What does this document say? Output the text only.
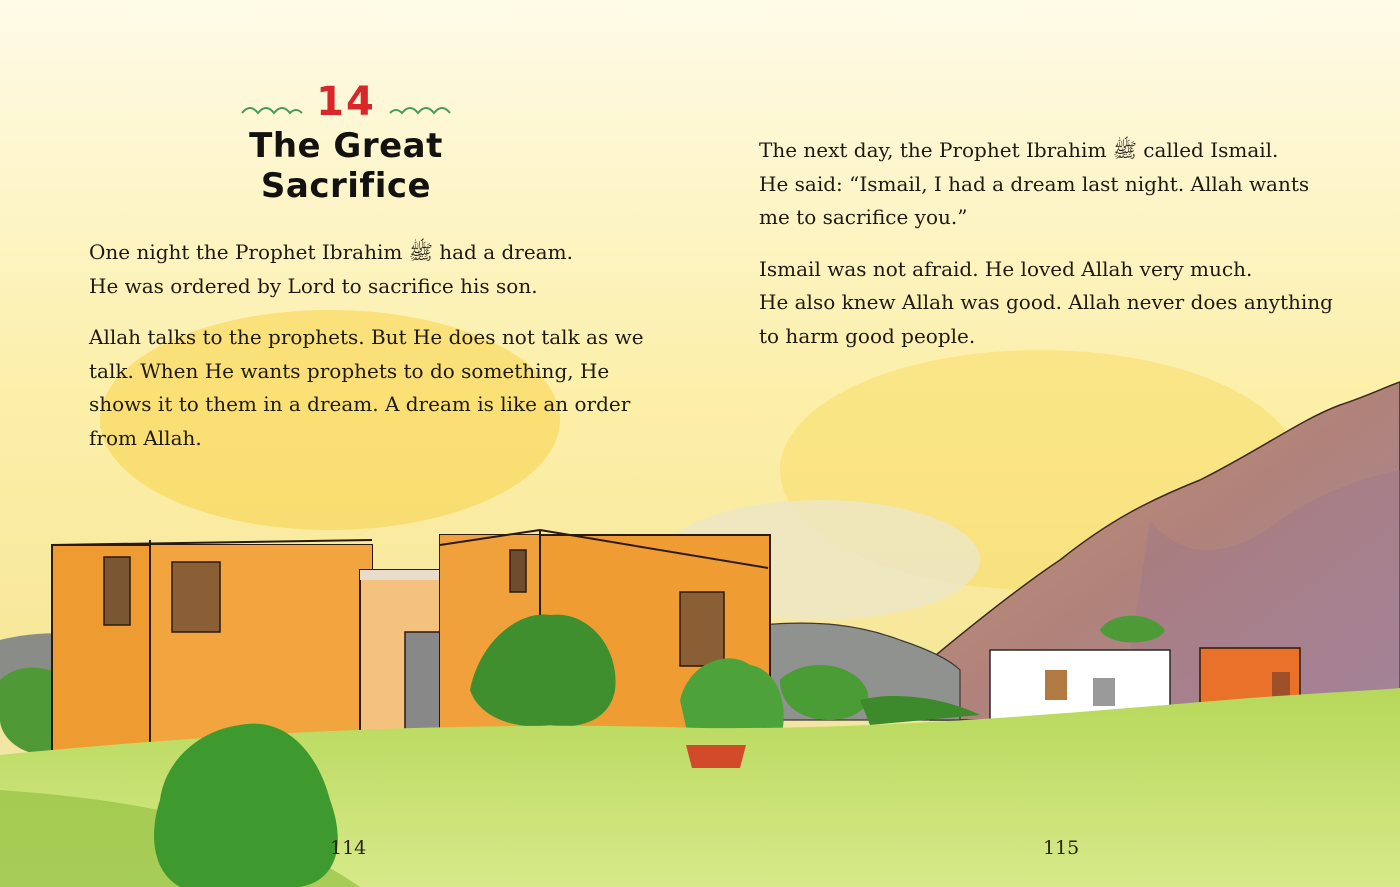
14
The Great Sacrifice

One night the Prophet Ibrahim ﷺ had a dream.
He was ordered by Lord to sacrifice his son.

Allah talks to the prophets. But He does not talk as we
talk. When He wants prophets to do something, He
shows it to them in a dream. A dream is like an order
from Allah.

The next day, the Prophet Ibrahim ﷺ called Ismail.
He said: “Ismail, I had a dream last night. Allah wants
me to sacrifice you.”

Ismail was not afraid. He loved Allah very much.
He also knew Allah was good. Allah never does anything
to harm good people.

114	115
